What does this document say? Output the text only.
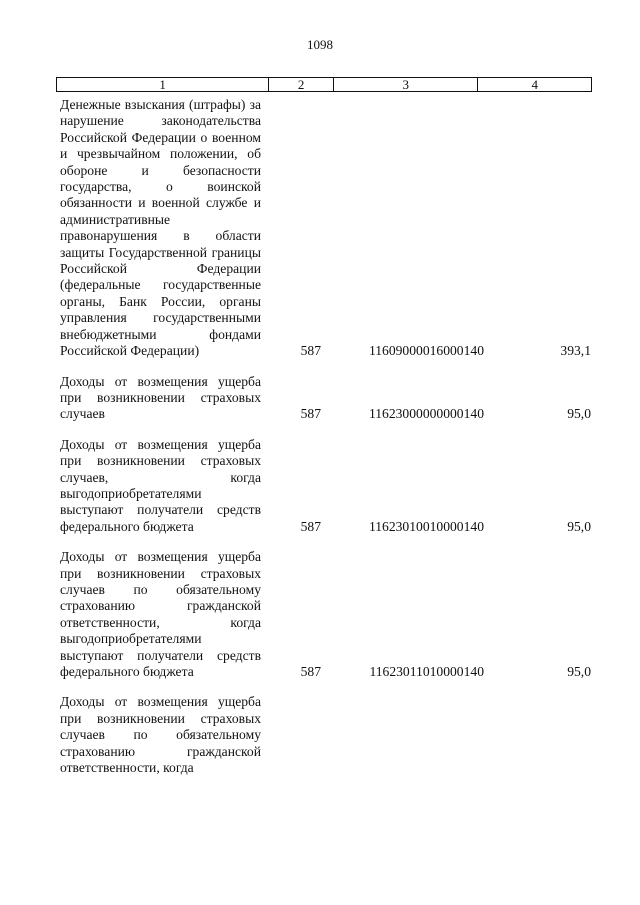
1098
1	2	3	4
Денежные взыскания (штрафы) за нарушение законодательства Российской Федерации о военном и чрезвычайном положении, об обороне и безопасности государства, о воинской обязанности и военной службе и административные правонарушения в области защиты Государственной границы Российской Федерации (федеральные государственные органы, Банк России, органы управления государственными внебюджетными фондами Российской Федерации)	587	11609000016000140	393,1
Доходы от возмещения ущерба при возникновении страховых случаев	587	11623000000000140	95,0
Доходы от возмещения ущерба при возникновении страховых случаев, когда выгодоприобретателями выступают получатели средств федерального бюджета	587	11623010010000140	95,0
Доходы от возмещения ущерба при возникновении страховых случаев по обязательному страхованию гражданской ответственности, когда выгодоприобретателями выступают получатели средств федерального бюджета	587	11623011010000140	95,0
Доходы от возмещения ущерба при возникновении страховых случаев по обязательному страхованию гражданской ответственности, когда
